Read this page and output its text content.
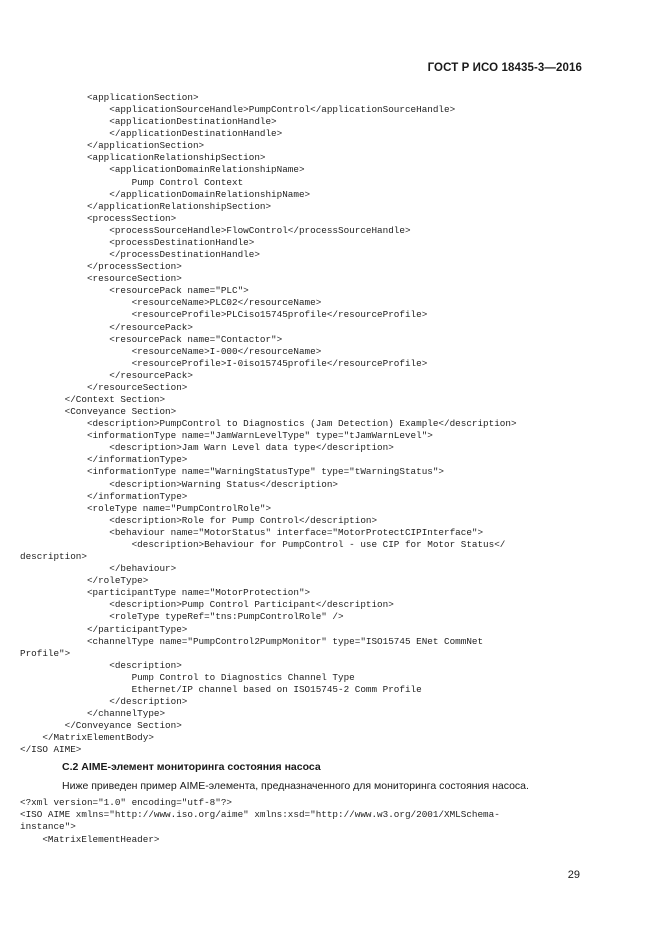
ГОСТ Р ИСО 18435-3—2016
<applicationSection>
<applicationSourceHandle>PumpControl</applicationSourceHandle>
<applicationDestinationHandle>
</applicationDestinationHandle>
</applicationSection>
<applicationRelationshipSection>
<applicationDomainRelationshipName>
Pump Control Context
</applicationDomainRelationshipName>
</applicationRelationshipSection>
<processSection>
<processSourceHandle>FlowControl</processSourceHandle>
<processDestinationHandle>
</processDestinationHandle>
</processSection>
<resourceSection>
<resourcePack name="PLC">
<resourceName>PLC02</resourceName>
<resourceProfile>PLCiso15745profile</resourceProfile>
</resourcePack>
<resourcePack name="Contactor">
<resourceName>I-000</resourceName>
<resourceProfile>I-0iso15745profile</resourceProfile>
</resourcePack>
</resourceSection>
</Context Section>
<Conveyance Section>
<description>PumpControl to Diagnostics (Jam Detection) Example</description>
<informationType name="JamWarnLevelType" type="tJamWarnLevel">
<description>Jam Warn Level data type</description>
</informationType>
<informationType name="WarningStatusType" type="tWarningStatus">
<description>Warning Status</description>
</informationType>
<roleType name="PumpControlRole">
<description>Role for Pump Control</description>
<behaviour name="MotorStatus" interface="MotorProtectCIPInterface">
<description>Behaviour for PumpControl - use CIP for Motor Status</
description>
</behaviour>
</roleType>
<participantType name="MotorProtection">
<description>Pump Control Participant</description>
<roleType typeRef="tns:PumpControlRole" />
</participantType>
<channelType name="PumpControl2PumpMonitor" type="ISO15745 ENet CommNet
Profile">
<description>
Pump Control to Diagnostics Channel Type
Ethernet/IP channel based on ISO15745-2 Comm Profile
</description>
</channelType>
</Conveyance Section>
</MatrixElementBody>
</ISO AIME>
С.2 AIME-элемент мониторинга состояния насоса
Ниже приведен пример AIME-элемента, предназначенного для мониторинга состояния насоса.
<?xml version="1.0" encoding="utf-8"?>
<ISO AIME xmlns="http://www.iso.org/aime" xmlns:xsd="http://www.w3.org/2001/XMLSchema-
instance">
<MatrixElementHeader>
29
